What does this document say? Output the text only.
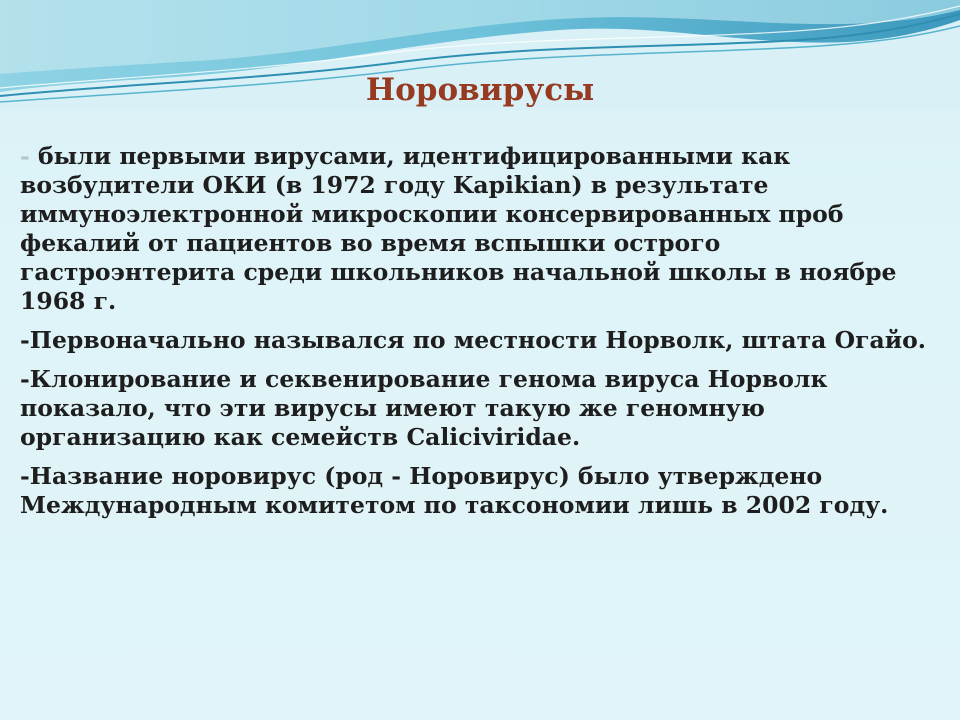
Норовирусы

- были первыми вирусами, идентифицированными как возбудители ОКИ (в 1972 году Kapikian) в результате иммуноэлектронной микроскопии консервированных проб фекалий от пациентов во время вспышки острого гастроэнтерита среди школьников начальной школы в ноябре 1968 г.

-Первоначально назывался по местности Норволк, штата Огайо.

-Клонирование и секвенирование генома вируса Норволк показало, что эти вирусы имеют такую же геномную организацию как семейств Caliciviridae.

-Название норовирус (род - Норовирус) было утверждено Международным комитетом по таксономии лишь в 2002 году.
